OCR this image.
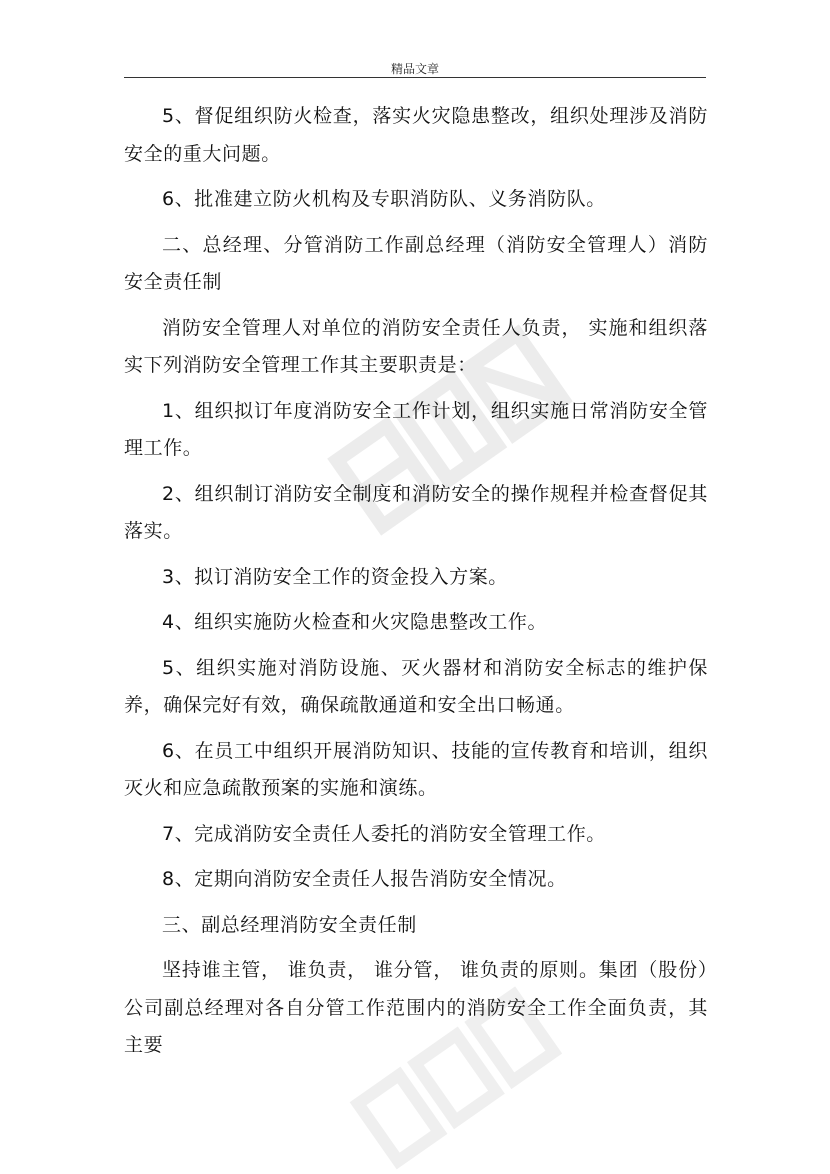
精品文章

5、督促组织防火检查，落实火灾隐患整改，组织处理涉及消防安全的重大问题。

6、批准建立防火机构及专职消防队、义务消防队。

二、总经理、分管消防工作副总经理（消防安全管理人）消防安全责任制

消防安全管理人对单位的消防安全责任人负责， 实施和组织落实下列消防安全管理工作其主要职责是：

1、组织拟订年度消防安全工作计划，组织实施日常消防安全管理工作。

2、组织制订消防安全制度和消防安全的操作规程并检查督促其落实。

3、拟订消防安全工作的资金投入方案。

4、组织实施防火检查和火灾隐患整改工作。

5、组织实施对消防设施、灭火器材和消防安全标志的维护保养，确保完好有效，确保疏散通道和安全出口畅通。

6、在员工中组织开展消防知识、技能的宣传教育和培训，组织灭火和应急疏散预案的实施和演练。

7、完成消防安全责任人委托的消防安全管理工作。

8、定期向消防安全责任人报告消防安全情况。

三、副总经理消防安全责任制

坚持谁主管， 谁负责， 谁分管， 谁负责的原则。集团（股份）公司副总经理对各自分管工作范围内的消防安全工作全面负责，其主要
